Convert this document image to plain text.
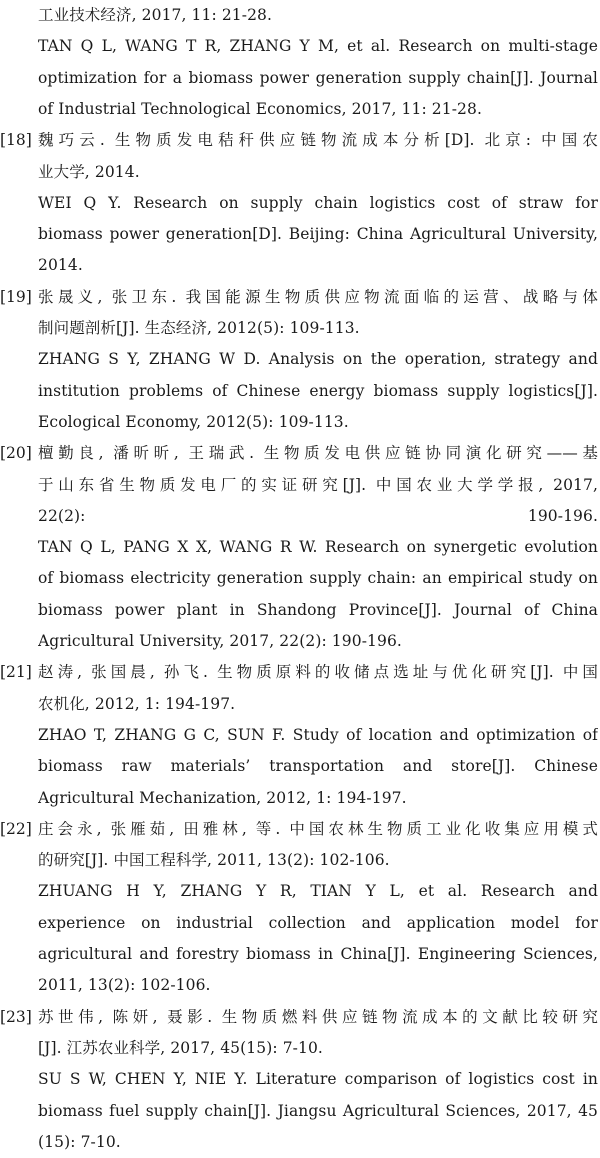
工业技术经济, 2017, 11: 21-28.
TAN Q L, WANG T R, ZHANG Y M, et al. Research on multi-stage
optimization for a biomass power generation supply chain[J]. Journal
of Industrial Technological Economics, 2017, 11: 21-28.
[18] 魏巧云. 生物质发电秸秆供应链物流成本分析[D]. 北京: 中国农
业大学, 2014.
WEI Q Y. Research on supply chain logistics cost of straw for
biomass power generation[D]. Beijing: China Agricultural University,
2014.
[19] 张晟义, 张卫东. 我国能源生物质供应物流面临的运营、战略与体
制问题剖析[J]. 生态经济, 2012(5): 109-113.
ZHANG S Y, ZHANG W D. Analysis on the operation, strategy and
institution problems of Chinese energy biomass supply logistics[J].
Ecological Economy, 2012(5): 109-113.
[20] 檀勤良, 潘昕昕, 王瑞武. 生物质发电供应链协同演化研究——基
于山东省生物质发电厂的实证研究[J]. 中国农业大学学报, 2017,
22(2): 190-196.
TAN Q L, PANG X X, WANG R W. Research on synergetic evolution
of biomass electricity generation supply chain: an empirical study on
biomass power plant in Shandong Province[J]. Journal of China
Agricultural University, 2017, 22(2): 190-196.
[21] 赵涛, 张国晨, 孙飞. 生物质原料的收储点选址与优化研究[J]. 中国
农机化, 2012, 1: 194-197.
ZHAO T, ZHANG G C, SUN F. Study of location and optimization of
biomass raw materials’ transportation and store[J]. Chinese
Agricultural Mechanization, 2012, 1: 194-197.
[22] 庄会永, 张雁茹, 田雅林, 等. 中国农林生物质工业化收集应用模式
的研究[J]. 中国工程科学, 2011, 13(2): 102-106.
ZHUANG H Y, ZHANG Y R, TIAN Y L, et al. Research and
experience on industrial collection and application model for
agricultural and forestry biomass in China[J]. Engineering Sciences,
2011, 13(2): 102-106.
[23] 苏世伟, 陈妍, 聂影. 生物质燃料供应链物流成本的文献比较研究
[J]. 江苏农业科学, 2017, 45(15): 7-10.
SU S W, CHEN Y, NIE Y. Literature comparison of logistics cost in
biomass fuel supply chain[J]. Jiangsu Agricultural Sciences, 2017, 45
(15): 7-10.
